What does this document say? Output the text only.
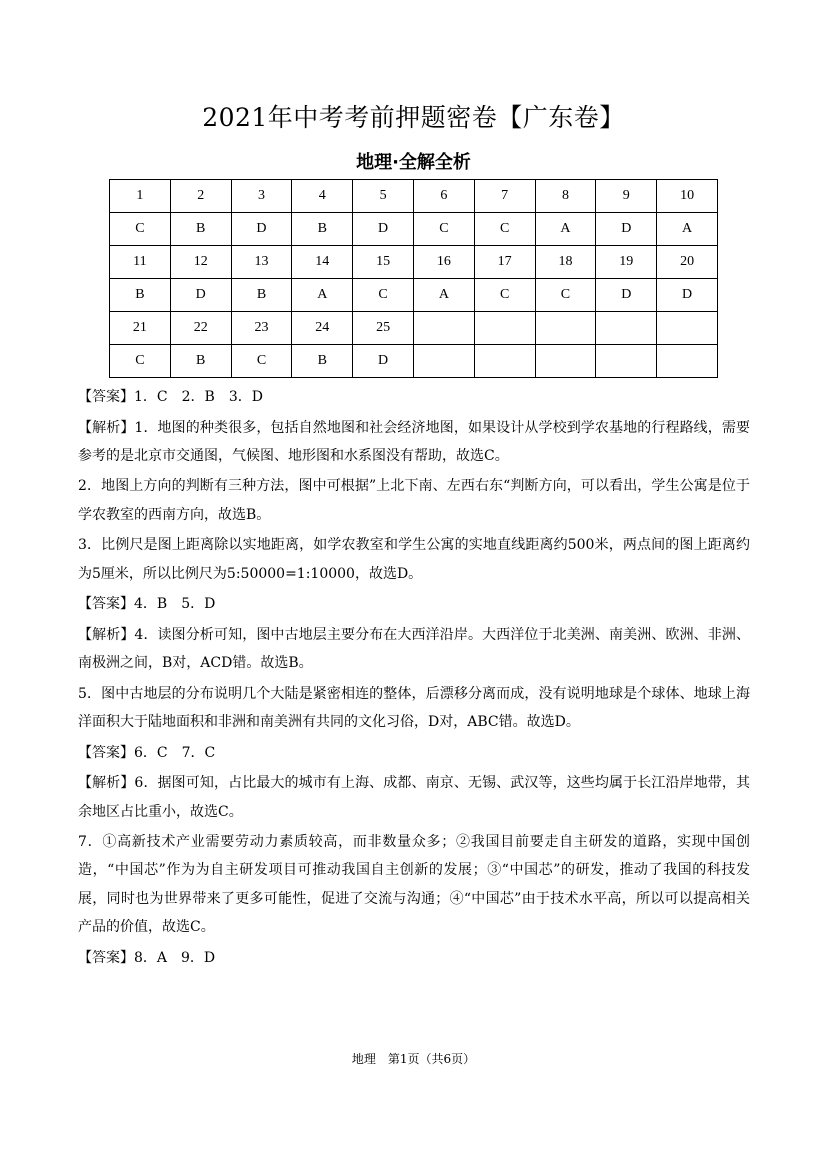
2021年中考考前押题密卷【广东卷】
地理·全解全析
1	2	3	4	5	6	7	8	9	10
C	B	D	B	D	C	C	A	D	A
11	12	13	14	15	16	17	18	19	20
B	D	B	A	C	A	C	C	D	D
21	22	23	24	25					
C	B	C	B	D					

【答案】1．C　2．B　3．D

【解析】1．地图的种类很多，包括自然地图和社会经济地图，如果设计从学校到学农基地的行程路线，需要参考的是北京市交通图，气候图、地形图和水系图没有帮助，故选C。

2．地图上方向的判断有三种方法，图中可根据”上北下南、左西右东“判断方向，可以看出，学生公寓是位于学农教室的西南方向，故选B。

3．比例尺是图上距离除以实地距离，如学农教室和学生公寓的实地直线距离约500米，两点间的图上距离约为5厘米，所以比例尺为5:50000=1:10000，故选D。

【答案】4．B　5．D

【解析】4．读图分析可知，图中古地层主要分布在大西洋沿岸。大西洋位于北美洲、南美洲、欧洲、非洲、南极洲之间，B对，ACD错。故选B。

5．图中古地层的分布说明几个大陆是紧密相连的整体，后漂移分离而成，没有说明地球是个球体、地球上海洋面积大于陆地面积和非洲和南美洲有共同的文化习俗，D对，ABC错。故选D。

【答案】6．C　7．C

【解析】6．据图可知，占比最大的城市有上海、成都、南京、无锡、武汉等，这些均属于长江沿岸地带，其余地区占比重小，故选C。

7．①高新技术产业需要劳动力素质较高，而非数量众多；②我国目前要走自主研发的道路，实现中国创造，“中国芯”作为为自主研发项目可推动我国自主创新的发展；③“中国芯”的研发，推动了我国的科技发展，同时也为世界带来了更多可能性，促进了交流与沟通；④“中国芯”由于技术水平高，所以可以提高相关产品的价值，故选C。

【答案】8．A　9．D

地理　第1页（共6页）
